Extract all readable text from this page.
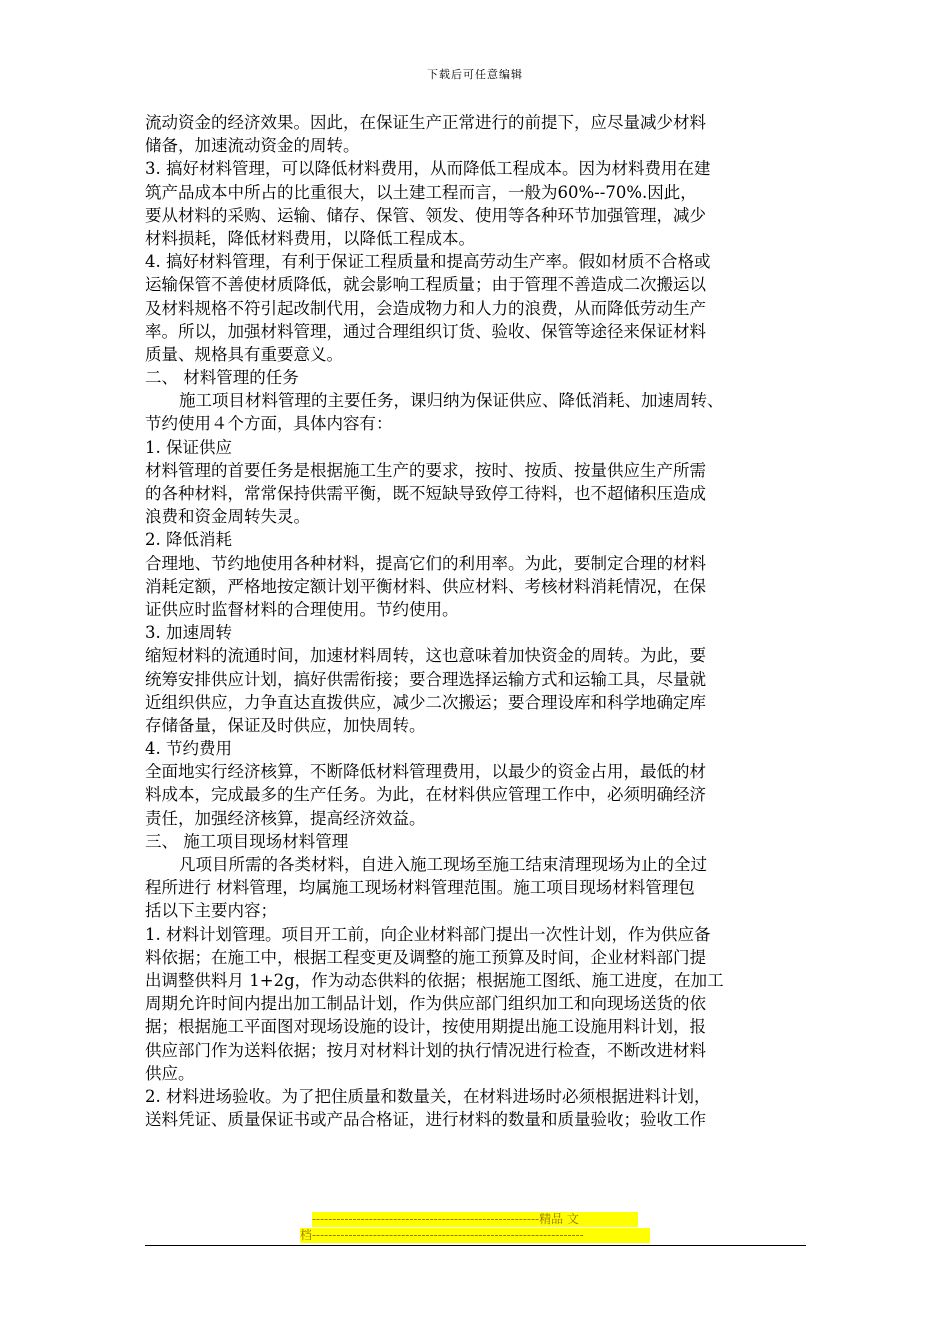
下载后可任意编辑
流动资金的经济效果。因此，在保证生产正常进行的前提下，应尽量减少材料
储备，加速流动资金的周转。
3. 搞好材料管理，可以降低材料费用，从而降低工程成本。因为材料费用在建
筑产品成本中所占的比重很大，以土建工程而言，一般为60%--70%.因此，
要从材料的采购、运输、储存、保管、领发、使用等各种环节加强管理，减少
材料损耗，降低材料费用，以降低工程成本。
4. 搞好材料管理，有利于保证工程质量和提高劳动生产率。假如材质不合格或
运输保管不善使材质降低，就会影响工程质量；由于管理不善造成二次搬运以
及材料规格不符引起改制代用，会造成物力和人力的浪费，从而降低劳动生产
率。所以，加强材料管理，通过合理组织订货、验收、保管等途径来保证材料
质量、规格具有重要意义。
二、 材料管理的任务
施工项目材料管理的主要任务，课归纳为保证供应、降低消耗、加速周转、
节约使用４个方面，具体内容有：
1. 保证供应
材料管理的首要任务是根据施工生产的要求，按时、按质、按量供应生产所需
的各种材料，常常保持供需平衡，既不短缺导致停工待料，也不超储积压造成
浪费和资金周转失灵。
2. 降低消耗
合理地、节约地使用各种材料，提高它们的利用率。为此，要制定合理的材料
消耗定额，严格地按定额计划平衡材料、供应材料、考核材料消耗情况，在保
证供应时监督材料的合理使用。节约使用。
3. 加速周转
缩短材料的流通时间，加速材料周转，这也意味着加快资金的周转。为此，要
统筹安排供应计划，搞好供需衔接；要合理选择运输方式和运输工具，尽量就
近组织供应，力争直达直拨供应，减少二次搬运；要合理设库和科学地确定库
存储备量，保证及时供应，加快周转。
4. 节约费用
全面地实行经济核算，不断降低材料管理费用，以最少的资金占用，最低的材
料成本，完成最多的生产任务。为此，在材料供应管理工作中，必须明确经济
责任，加强经济核算，提高经济效益。
三、 施工项目现场材料管理
凡项目所需的各类材料，自进入施工现场至施工结束清理现场为止的全过
程所进行 材料管理，均属施工现场材料管理范围。施工项目现场材料管理包
括以下主要内容；
1. 材料计划管理。项目开工前，向企业材料部门提出一次性计划，作为供应备
料依据；在施工中，根据工程变更及调整的施工预算及时间，企业材料部门提
出调整供料月 1+2g，作为动态供料的依据；根据施工图纸、施工进度，在加工
周期允许时间内提出加工制品计划，作为供应部门组织加工和向现场送货的依
据；根据施工平面图对现场设施的设计，按使用期提出施工设施用料计划，报
供应部门作为送料依据；按月对材料计划的执行情况进行检查，不断改进材料
供应。
2. 材料进场验收。为了把住质量和数量关，在材料进场时必须根据进料计划，
送料凭证、质量保证书或产品合格证，进行材料的数量和质量验收；验收工作
--------------------------------------------------------精品 文
档-------------------------------------------------------------------
